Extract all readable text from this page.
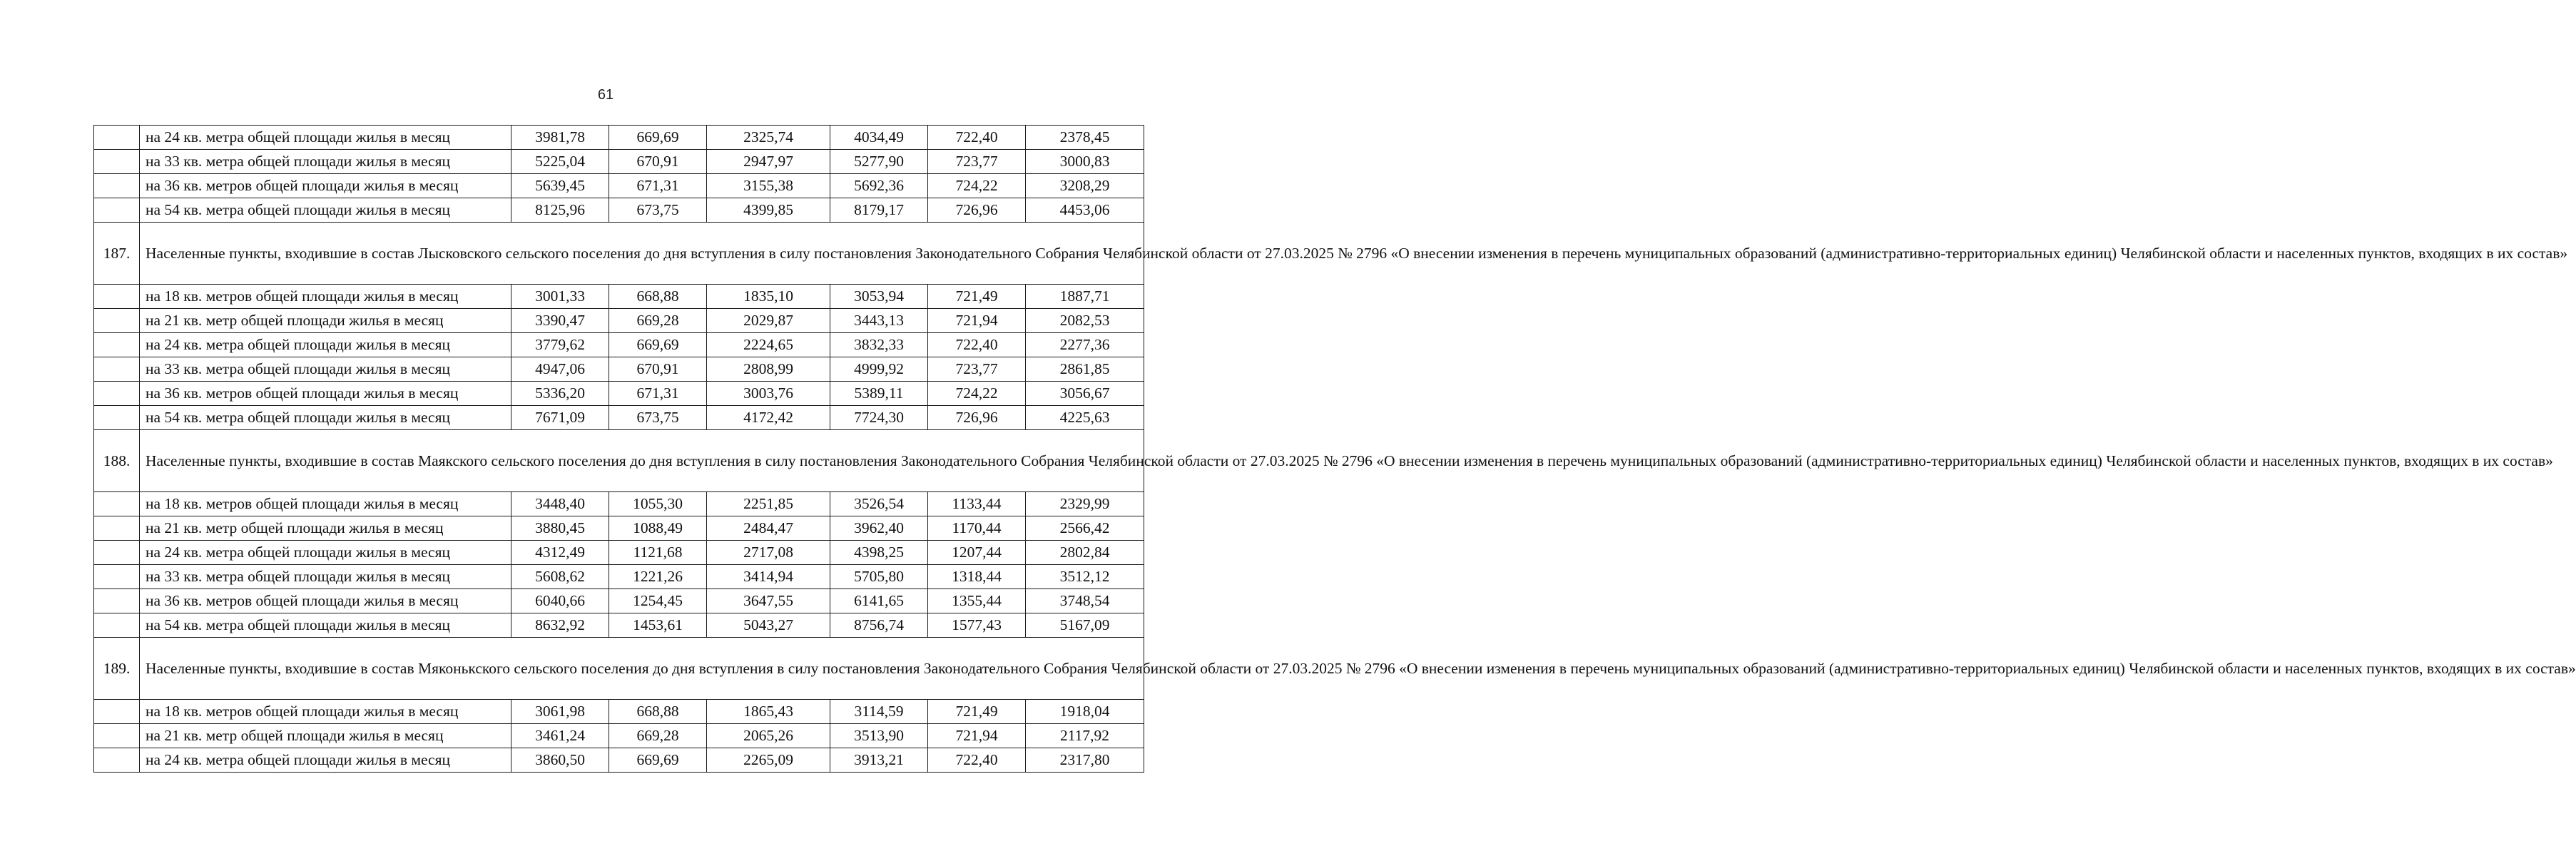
61
	на 24 кв. метра общей площади жилья в месяц	3981,78	669,69	2325,74	4034,49	722,40	2378,45
	на 33 кв. метра общей площади жилья в месяц	5225,04	670,91	2947,97	5277,90	723,77	3000,83
	на 36 кв. метров общей площади жилья в месяц	5639,45	671,31	3155,38	5692,36	724,22	3208,29
	на 54 кв. метра общей площади жилья в месяц	8125,96	673,75	4399,85	8179,17	726,96	4453,06
187.	Населенные пункты, входившие в состав Лысковского сельского поселения до дня вступления в силу постановления Законодательного Собрания Челябинской области от 27.03.2025 № 2796 «О внесении изменения в перечень муниципальных образований (административно-территориальных единиц) Челябинской области и населенных пунктов, входящих в их состав»						
	на 18 кв. метров общей площади жилья в месяц	3001,33	668,88	1835,10	3053,94	721,49	1887,71
	на 21 кв. метр общей площади жилья в месяц	3390,47	669,28	2029,87	3443,13	721,94	2082,53
	на 24 кв. метра общей площади жилья в месяц	3779,62	669,69	2224,65	3832,33	722,40	2277,36
	на 33 кв. метра общей площади жилья в месяц	4947,06	670,91	2808,99	4999,92	723,77	2861,85
	на 36 кв. метров общей площади жилья в месяц	5336,20	671,31	3003,76	5389,11	724,22	3056,67
	на 54 кв. метра общей площади жилья в месяц	7671,09	673,75	4172,42	7724,30	726,96	4225,63
188.	Населенные пункты, входившие в состав Маякского сельского поселения до дня вступления в силу постановления Законодательного Собрания Челябинской области от 27.03.2025 № 2796 «О внесении изменения в перечень муниципальных образований (административно-территориальных единиц) Челябинской области и населенных пунктов, входящих в их состав»						
	на 18 кв. метров общей площади жилья в месяц	3448,40	1055,30	2251,85	3526,54	1133,44	2329,99
	на 21 кв. метр общей площади жилья в месяц	3880,45	1088,49	2484,47	3962,40	1170,44	2566,42
	на 24 кв. метра общей площади жилья в месяц	4312,49	1121,68	2717,08	4398,25	1207,44	2802,84
	на 33 кв. метра общей площади жилья в месяц	5608,62	1221,26	3414,94	5705,80	1318,44	3512,12
	на 36 кв. метров общей площади жилья в месяц	6040,66	1254,45	3647,55	6141,65	1355,44	3748,54
	на 54 кв. метра общей площади жилья в месяц	8632,92	1453,61	5043,27	8756,74	1577,43	5167,09
189.	Населенные пункты, входившие в состав Мяконькского сельского поселения до дня вступления в силу постановления Законодательного Собрания Челябинской области от 27.03.2025 № 2796 «О внесении изменения в перечень муниципальных образований (административно-территориальных единиц) Челябинской области и населенных пунктов, входящих в их состав»						
	на 18 кв. метров общей площади жилья в месяц	3061,98	668,88	1865,43	3114,59	721,49	1918,04
	на 21 кв. метр общей площади жилья в месяц	3461,24	669,28	2065,26	3513,90	721,94	2117,92
	на 24 кв. метра общей площади жилья в месяц	3860,50	669,69	2265,09	3913,21	722,40	2317,80
